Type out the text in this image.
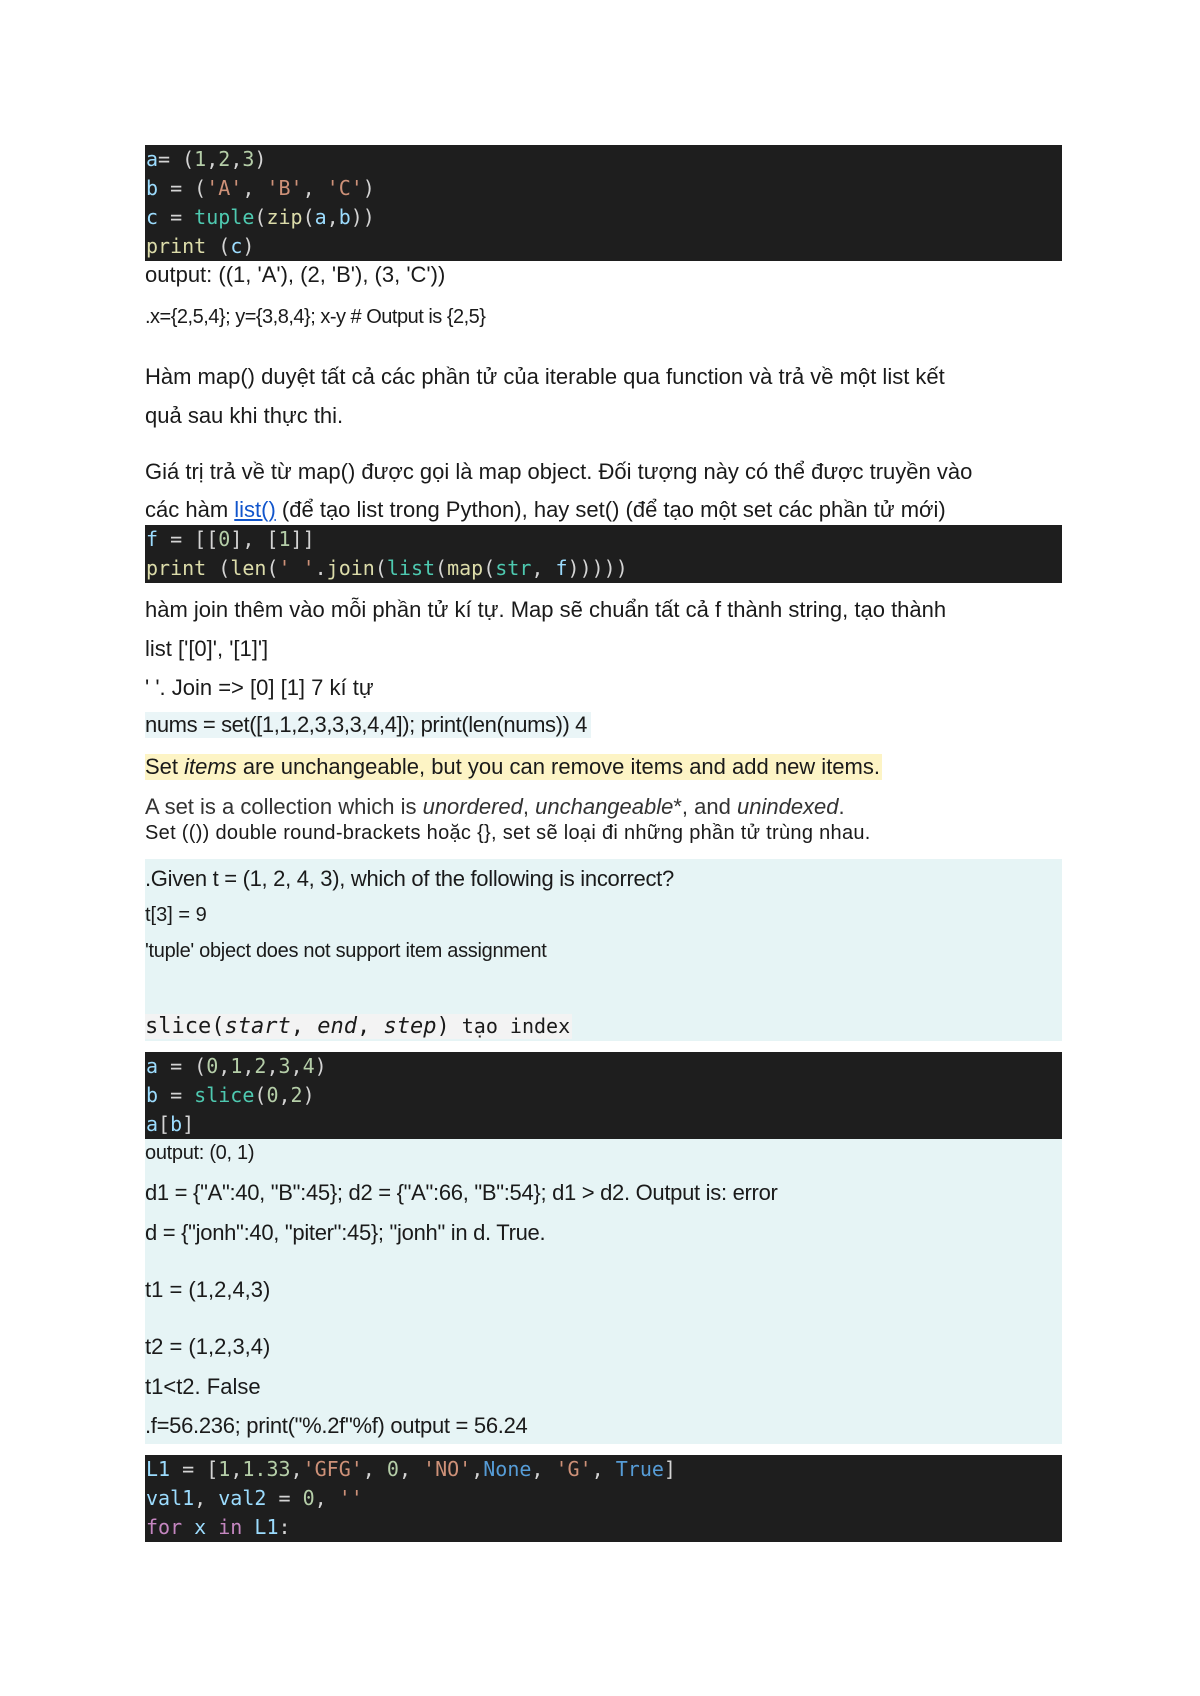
a= (1,2,3)
b = ('A', 'B', 'C')
c = tuple(zip(a,b))
print (c)
output: ((1, 'A'), (2, 'B'), (3, 'C'))
.x={2,5,4}; y={3,8,4}; x-y # Output is {2,5}
Hàm map() duyệt tất cả các phần tử của iterable qua function và trả về một list kết
quả sau khi thực thi.
Giá trị trả về từ map() được gọi là map object. Đối tượng này có thể được truyền vào
các hàm list() (để tạo list trong Python), hay set() (để tạo một set các phần tử mới)
f = [[0], [1]]
print (len(' '.join(list(map(str, f)))))
hàm join thêm vào mỗi phần tử kí tự. Map sẽ chuẩn tất cả f thành string, tạo thành
list ['[0]', '[1]']
' '. Join => [0] [1] 7 kí tự
nums = set([1,1,2,3,3,3,4,4]); print(len(nums)) 4
Set items are unchangeable, but you can remove items and add new items.
A set is a collection which is unordered, unchangeable*, and unindexed.
Set (()) double round-brackets hoặc {}, set sẽ loại đi những phần tử trùng nhau.
.Given t = (1, 2, 4, 3), which of the following is incorrect?
t[3] = 9
'tuple' object does not support item assignment
slice(start, end, step) tạo index
a = (0,1,2,3,4)
b = slice(0,2)
a[b]
output: (0, 1)
d1 = {"A":40, "B":45}; d2 = {"A":66, "B":54}; d1 > d2. Output is: error
d = {"jonh":40, "piter":45}; "jonh" in d. True.
t1 = (1,2,4,3)
t2 = (1,2,3,4)
t1<t2. False
.f=56.236; print("%.2f"%f) output = 56.24
L1 = [1,1.33,'GFG', 0, 'NO',None, 'G', True]
val1, val2 = 0, ''
for x in L1:
